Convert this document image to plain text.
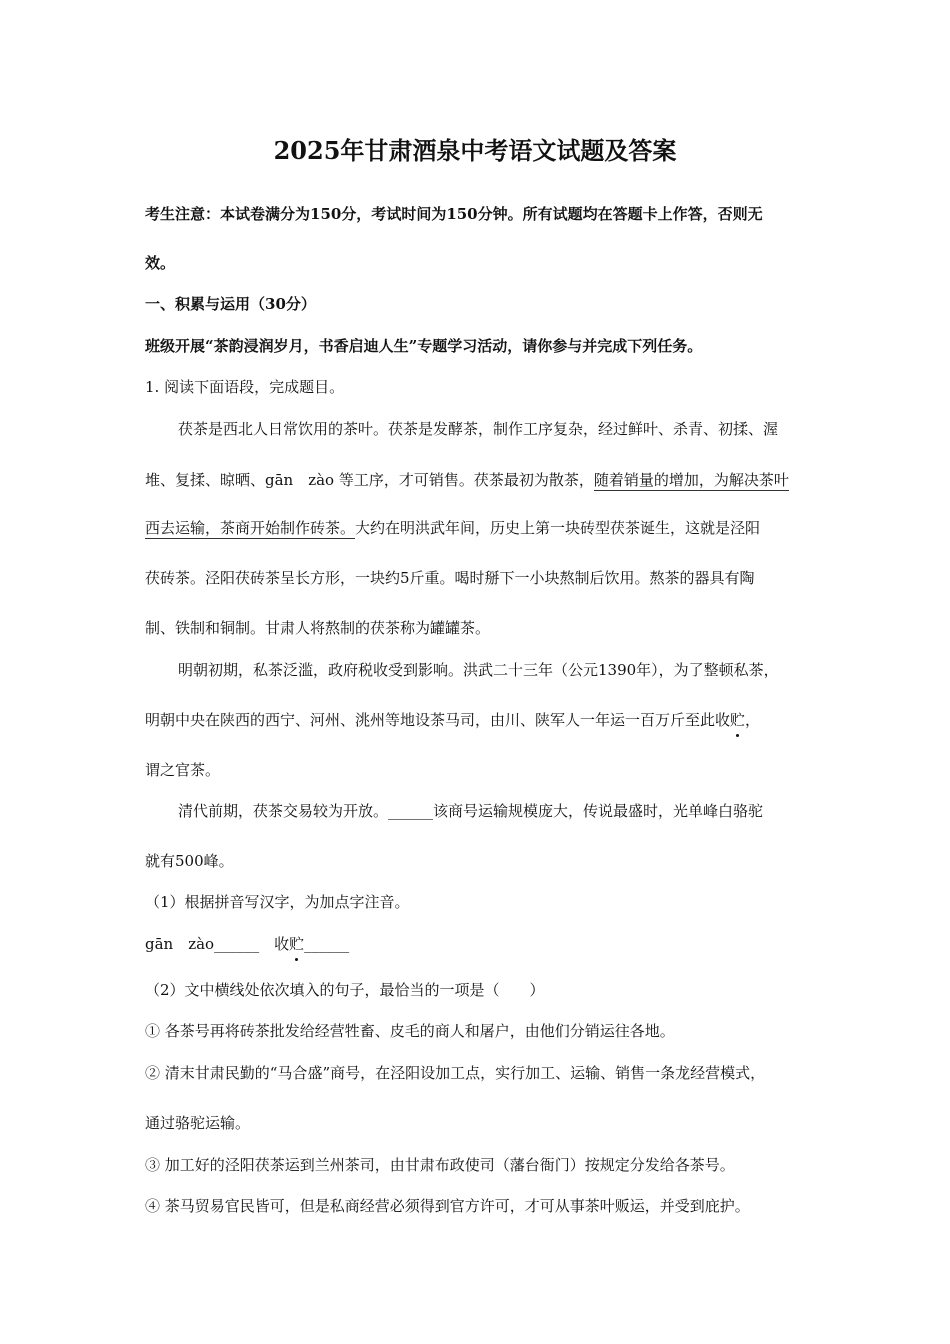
2025年甘肃酒泉中考语文试题及答案
考生注意：本试卷满分为150分，考试时间为150分钟。所有试题均在答题卡上作答，否则无
效。
一、积累与运用（30分）
班级开展“茶韵浸润岁月，书香启迪人生”专题学习活动，请你参与并完成下列任务。
1. 阅读下面语段，完成题目。
茯茶是西北人日常饮用的茶叶。茯茶是发酵茶，制作工序复杂，经过鲜叶、杀青、初揉、渥
堆、复揉、晾晒、gān　zào 等工序，才可销售。茯茶最初为散茶，随着销量的增加，为解决茶叶
西去运输，茶商开始制作砖茶。大约在明洪武年间，历史上第一块砖型茯茶诞生，这就是泾阳
茯砖茶。泾阳茯砖茶呈长方形，一块约5斤重。喝时掰下一小块熬制后饮用。熬茶的器具有陶
制、铁制和铜制。甘肃人将熬制的茯茶称为罐罐茶。
明朝初期，私茶泛滥，政府税收受到影响。洪武二十三年（公元1390年），为了整顿私茶，
明朝中央在陕西的西宁、河州、洮州等地设茶马司，由川、陕军人一年运一百万斤至此收贮，
谓之官茶。
清代前期，茯茶交易较为开放。______该商号运输规模庞大，传说最盛时，光单峰白骆驼
就有500峰。
（1）根据拼音写汉字，为加点字注音。
gān　zào______　收贮______
（2）文中横线处依次填入的句子，最恰当的一项是（　　）
① 各茶号再将砖茶批发给经营牲畜、皮毛的商人和屠户，由他们分销运往各地。
② 清末甘肃民勤的“马合盛”商号，在泾阳设加工点，实行加工、运输、销售一条龙经营模式，
通过骆驼运输。
③ 加工好的泾阳茯茶运到兰州茶司，由甘肃布政使司（藩台衙门）按规定分发给各茶号。
④ 茶马贸易官民皆可，但是私商经营必须得到官方许可，才可从事茶叶贩运，并受到庇护。
